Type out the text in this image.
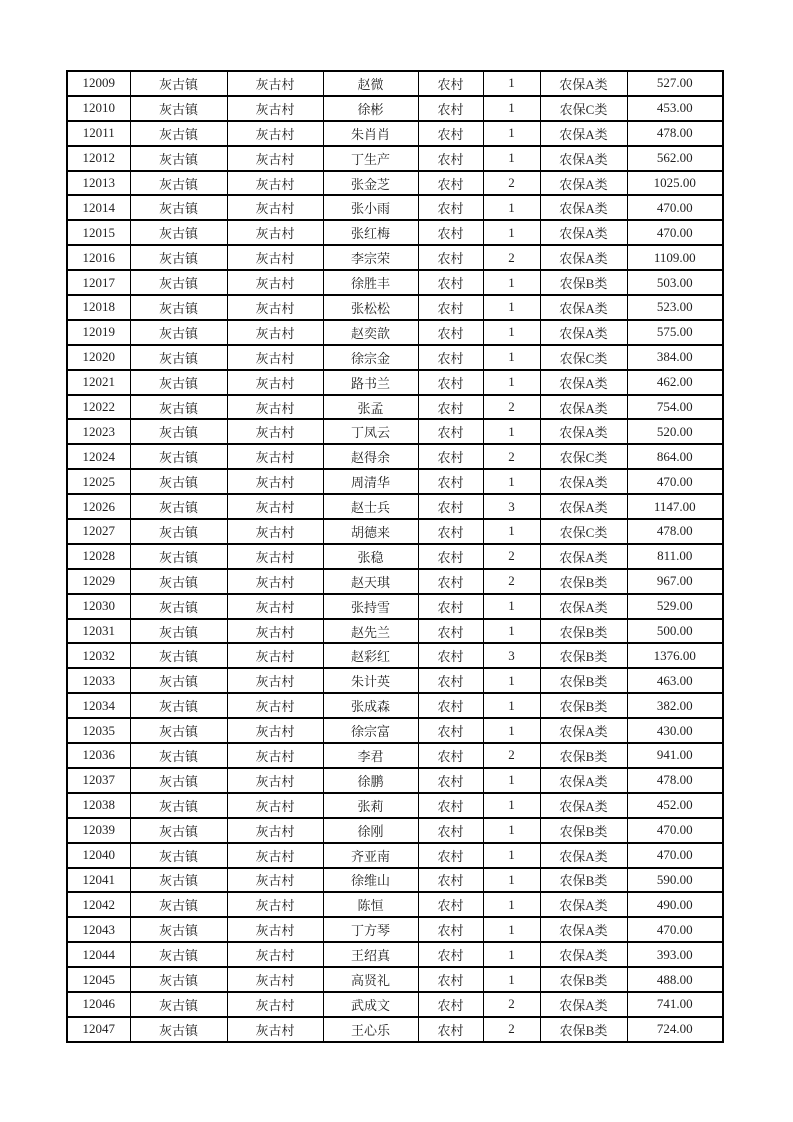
12009	灰古镇	灰古村	赵微	农村	1	农保A类	527.00
12010	灰古镇	灰古村	徐彬	农村	1	农保C类	453.00
12011	灰古镇	灰古村	朱肖肖	农村	1	农保A类	478.00
12012	灰古镇	灰古村	丁生产	农村	1	农保A类	562.00
12013	灰古镇	灰古村	张金芝	农村	2	农保A类	1025.00
12014	灰古镇	灰古村	张小雨	农村	1	农保A类	470.00
12015	灰古镇	灰古村	张红梅	农村	1	农保A类	470.00
12016	灰古镇	灰古村	李宗荣	农村	2	农保A类	1109.00
12017	灰古镇	灰古村	徐胜丰	农村	1	农保B类	503.00
12018	灰古镇	灰古村	张松松	农村	1	农保A类	523.00
12019	灰古镇	灰古村	赵奕歆	农村	1	农保A类	575.00
12020	灰古镇	灰古村	徐宗金	农村	1	农保C类	384.00
12021	灰古镇	灰古村	路书兰	农村	1	农保A类	462.00
12022	灰古镇	灰古村	张孟	农村	2	农保A类	754.00
12023	灰古镇	灰古村	丁凤云	农村	1	农保A类	520.00
12024	灰古镇	灰古村	赵得余	农村	2	农保C类	864.00
12025	灰古镇	灰古村	周清华	农村	1	农保A类	470.00
12026	灰古镇	灰古村	赵士兵	农村	3	农保A类	1147.00
12027	灰古镇	灰古村	胡德来	农村	1	农保C类	478.00
12028	灰古镇	灰古村	张稳	农村	2	农保A类	811.00
12029	灰古镇	灰古村	赵天琪	农村	2	农保B类	967.00
12030	灰古镇	灰古村	张持雪	农村	1	农保A类	529.00
12031	灰古镇	灰古村	赵先兰	农村	1	农保B类	500.00
12032	灰古镇	灰古村	赵彩红	农村	3	农保B类	1376.00
12033	灰古镇	灰古村	朱计英	农村	1	农保B类	463.00
12034	灰古镇	灰古村	张成森	农村	1	农保B类	382.00
12035	灰古镇	灰古村	徐宗富	农村	1	农保A类	430.00
12036	灰古镇	灰古村	李君	农村	2	农保B类	941.00
12037	灰古镇	灰古村	徐鹏	农村	1	农保A类	478.00
12038	灰古镇	灰古村	张莉	农村	1	农保A类	452.00
12039	灰古镇	灰古村	徐刚	农村	1	农保B类	470.00
12040	灰古镇	灰古村	齐亚南	农村	1	农保A类	470.00
12041	灰古镇	灰古村	徐维山	农村	1	农保B类	590.00
12042	灰古镇	灰古村	陈恒	农村	1	农保A类	490.00
12043	灰古镇	灰古村	丁方琴	农村	1	农保A类	470.00
12044	灰古镇	灰古村	王绍真	农村	1	农保A类	393.00
12045	灰古镇	灰古村	高贤礼	农村	1	农保B类	488.00
12046	灰古镇	灰古村	武成文	农村	2	农保A类	741.00
12047	灰古镇	灰古村	王心乐	农村	2	农保B类	724.00
